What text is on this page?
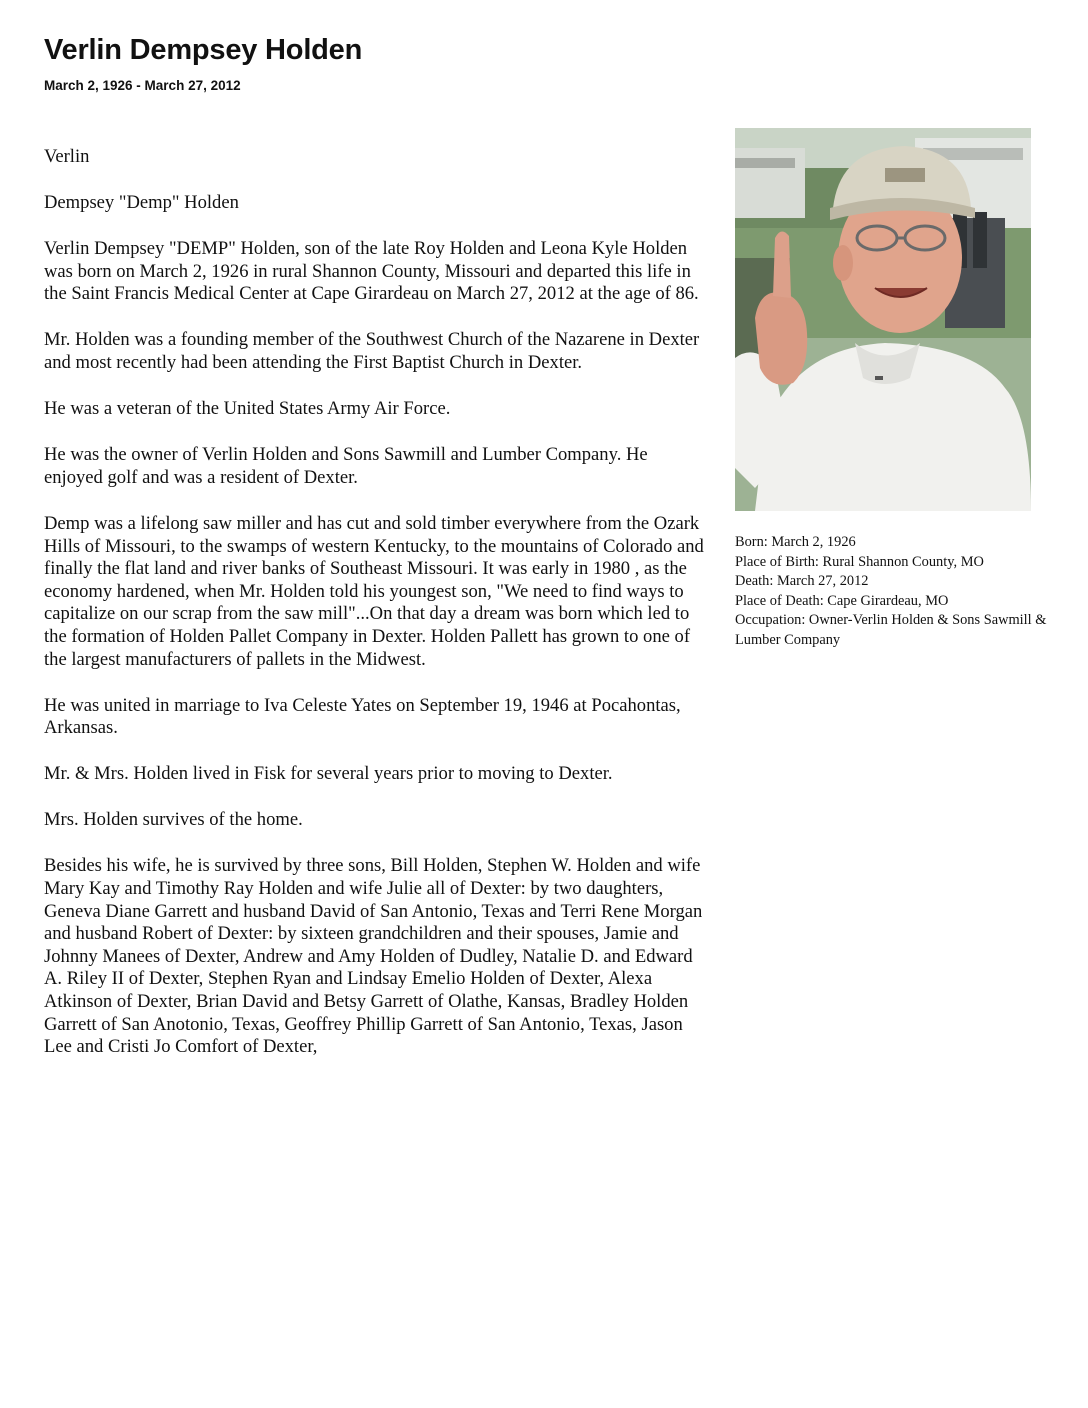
Verlin Dempsey Holden
March 2, 1926 - March 27, 2012

Verlin

Dempsey "Demp" Holden

Verlin Dempsey "DEMP" Holden, son of the late Roy Holden and Leona Kyle Holden was born on March 2, 1926 in rural Shannon County, Missouri and departed this life in the Saint Francis Medical Center at Cape Girardeau on March 27, 2012 at the age of 86.

Mr. Holden was a founding member of the Southwest Church of the Nazarene in Dexter and most recently had been attending the First Baptist Church in Dexter.

He was a veteran of the United States Army Air Force.

He was the owner of Verlin Holden and Sons Sawmill and Lumber Company. He enjoyed golf and was a resident of Dexter.

Demp was a lifelong saw miller and has cut and sold timber everywhere from the Ozark Hills of Missouri, to the swamps of western Kentucky, to the mountains of Colorado and finally the flat land and river banks of Southeast Missouri. It was early in 1980 , as the economy hardened, when Mr. Holden told his youngest son, "We need to find ways to capitalize on our scrap from the saw mill"...On that day a dream was born which led to the formation of Holden Pallet Company in Dexter. Holden Pallett has grown to one of the largest manufacturers of pallets in the Midwest.

He was united in marriage to Iva Celeste Yates on September 19, 1946 at Pocahontas, Arkansas.

Mr. & Mrs. Holden lived in Fisk for several years prior to moving to Dexter.

Mrs. Holden survives of the home.

Besides his wife, he is survived by three sons, Bill Holden, Stephen W. Holden and wife Mary Kay and Timothy Ray Holden and wife Julie all of Dexter: by two daughters, Geneva Diane Garrett and husband David of San Antonio, Texas and Terri Rene Morgan and husband Robert of Dexter: by sixteen grandchildren and their spouses, Jamie and Johnny Manees of Dexter, Andrew and Amy Holden of Dudley, Natalie D. and Edward A. Riley II of Dexter, Stephen Ryan and Lindsay Emelio Holden of Dexter, Alexa Atkinson of Dexter, Brian David and Betsy Garrett of Olathe, Kansas, Bradley Holden Garrett of San Anotonio, Texas, Geoffrey Phillip Garrett of San Antonio, Texas, Jason Lee and Cristi Jo Comfort of Dexter,

Born: March 2, 1926
Place of Birth: Rural Shannon County, MO
Death: March 27, 2012
Place of Death: Cape Girardeau, MO
Occupation: Owner-Verlin Holden & Sons Sawmill & Lumber Company
